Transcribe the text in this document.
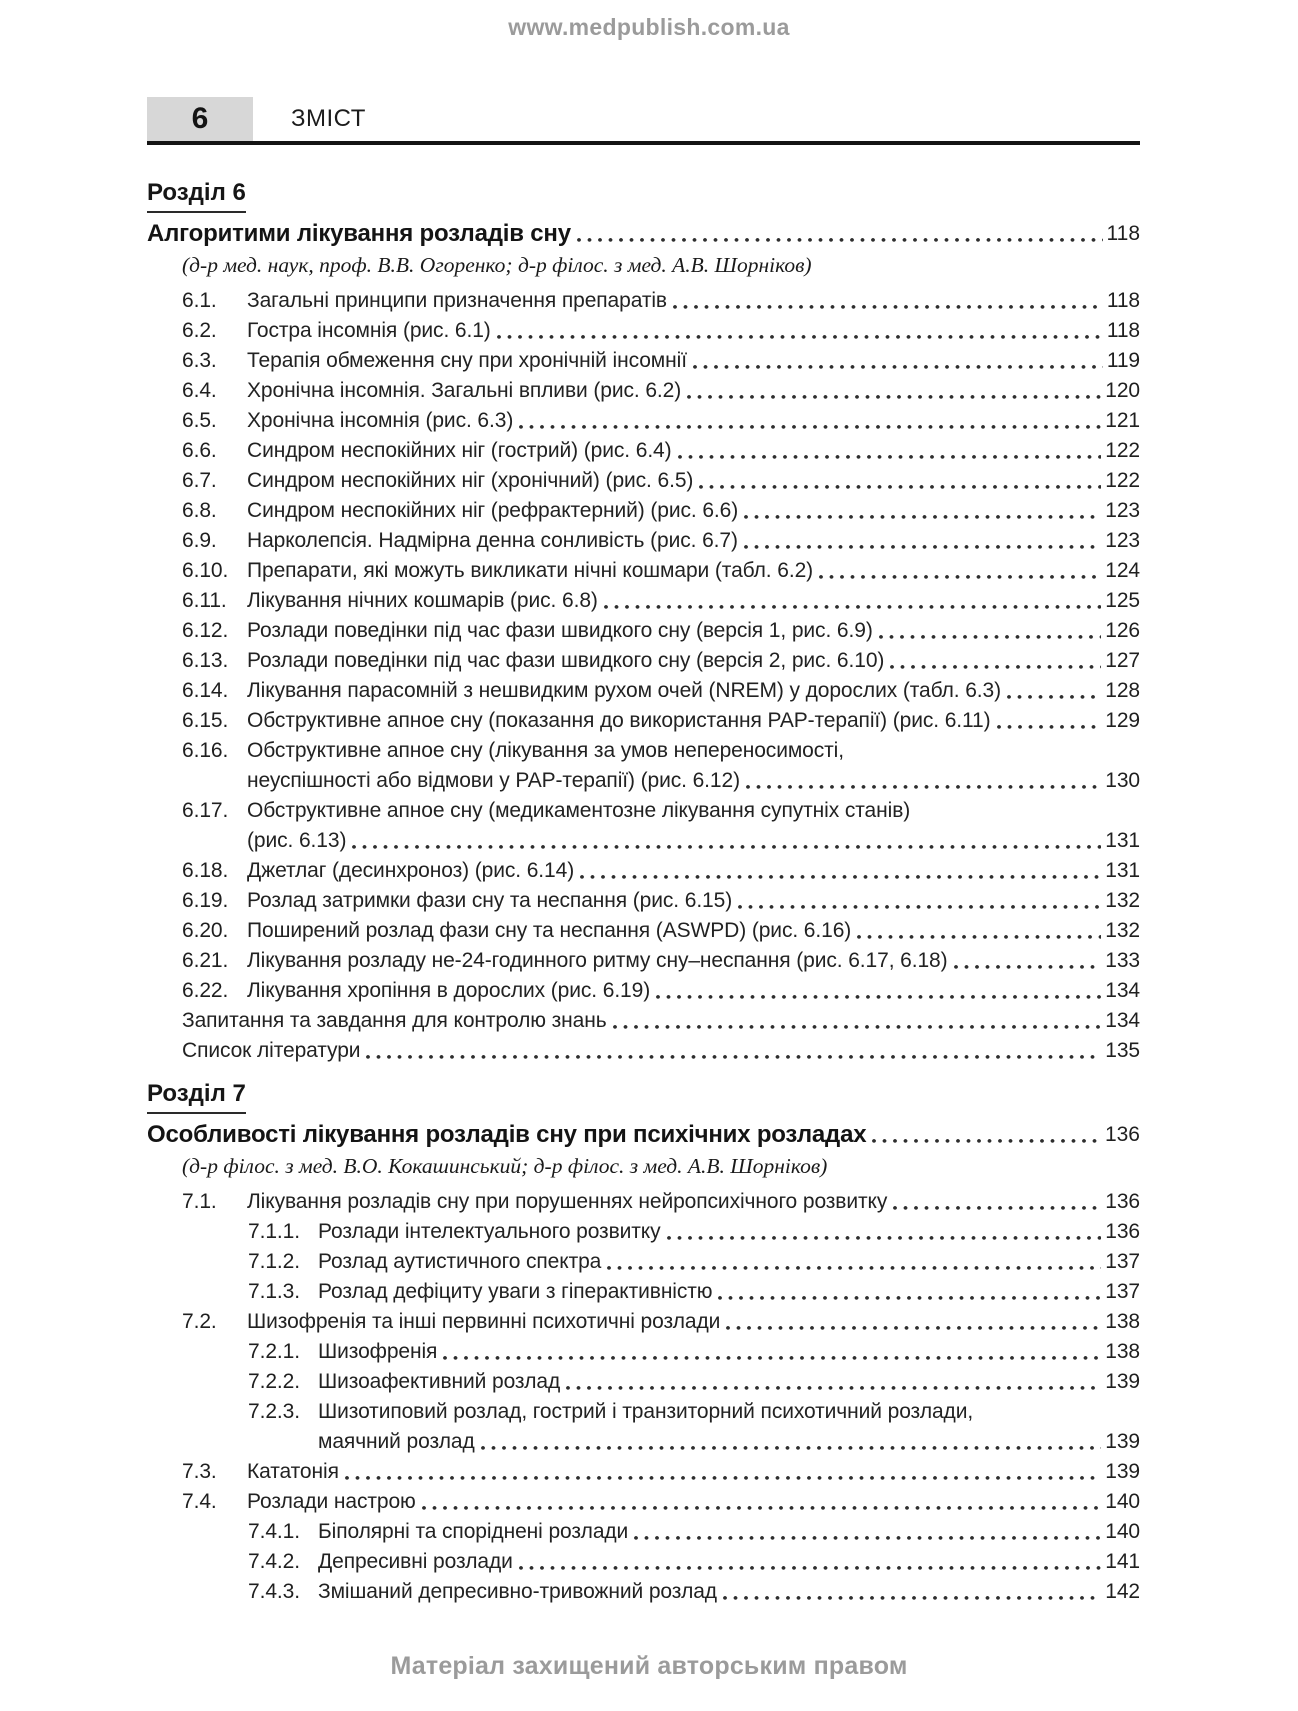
www.medpublish.com.ua
6	ЗМІСТ
Розділ 6
Алгоритими лікування розладів сну	118
(д-р мед. наук, проф. В.В. Огоренко; д-р філос. з мед. А.В. Шорніков)
6.1.	Загальні принципи призначення препаратів	118
6.2.	Гостра інсомнія (рис. 6.1)	118
6.3.	Терапія обмеження сну при хронічній інсомнії	119
6.4.	Хронічна інсомнія. Загальні впливи (рис. 6.2)	120
6.5.	Хронічна інсомнія (рис. 6.3)	121
6.6.	Синдром неспокійних ніг (гострий) (рис. 6.4)	122
6.7.	Синдром неспокійних ніг (хронічний) (рис. 6.5)	122
6.8.	Синдром неспокійних ніг (рефрактерний) (рис. 6.6)	123
6.9.	Нарколепсія. Надмірна денна сонливість (рис. 6.7)	123
6.10. Препарати, які можуть викликати нічні кошмари (табл. 6.2)	124
6.11. Лікування нічних кошмарів (рис. 6.8)	125
6.12. Розлади поведінки під час фази швидкого сну (версія 1, рис. 6.9)	126
6.13. Розлади поведінки під час фази швидкого сну (версія 2, рис. 6.10)	127
6.14. Лікування парасомній з нешвидким рухом очей (NREM) у дорослих (табл. 6.3)	128
6.15. Обструктивне апное сну (показання до використання PAP-терапії) (рис. 6.11)	129
6.16. Обструктивне апное сну (лікування за умов непереносимості,
неуспішності або відмови у PAP-терапії) (рис. 6.12)	130
6.17. Обструктивне апное сну (медикаментозне лікування супутніх станів)
(рис. 6.13)	131
6.18. Джетлаг (десинхроноз) (рис. 6.14)	131
6.19. Розлад затримки фази сну та неспання (рис. 6.15)	132
6.20. Поширений розлад фази сну та неспання (ASWPD) (рис. 6.16)	132
6.21. Лікування розладу не-24-годинного ритму сну–неспання (рис. 6.17, 6.18)	133
6.22. Лікування хропіння в дорослих (рис. 6.19)	134
Запитання та завдання для контролю знань	134
Список літератури	135
Розділ 7
Особливості лікування розладів сну при психічних розладах	136
(д-р філос. з мед. В.О. Кокашинський; д-р філос. з мед. А.В. Шорніков)
7.1.	Лікування розладів сну при порушеннях нейропсихічного розвитку	136
7.1.1. Розлади інтелектуального розвитку	136
7.1.2. Розлад аутистичного спектра	137
7.1.3. Розлад дефіциту уваги з гіперактивністю	137
7.2.	Шизофренія та інші первинні психотичні розлади	138
7.2.1. Шизофренія	138
7.2.2. Шизоафективний розлад	139
7.2.3. Шизотиповий розлад, гострий і транзиторний психотичний розлади,
маячний розлад	139
7.3.	Кататонія	139
7.4.	Розлади настрою	140
7.4.1. Біполярні та споріднені розлади	140
7.4.2. Депресивні розлади	141
7.4.3. Змішаний депресивно-тривожний розлад	142
Матеріал захищений авторським правом
